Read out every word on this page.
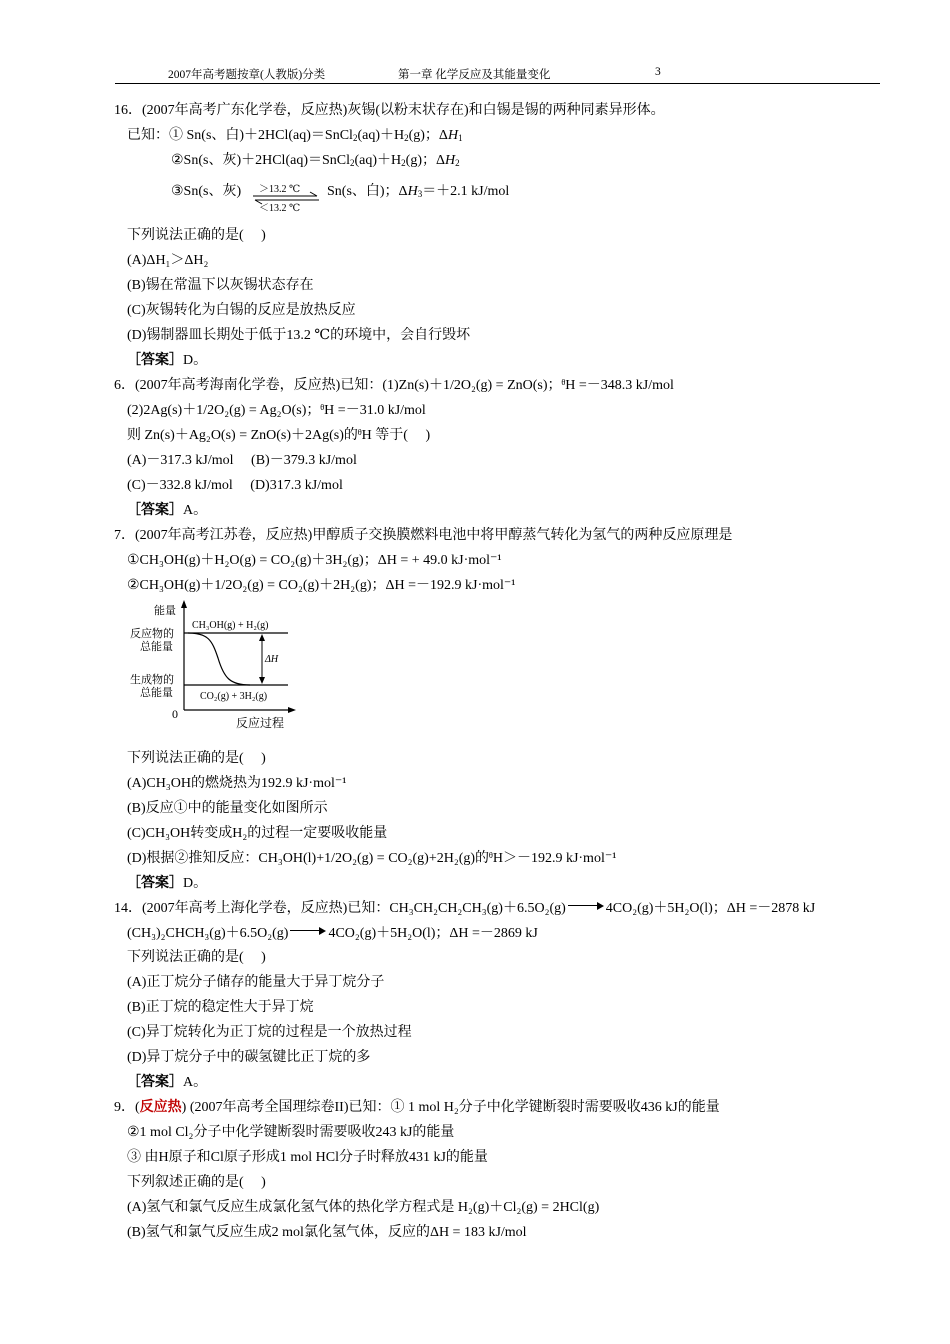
2007年高考题按章(人教版)分类	第一章 化学反应及其能量变化	3
16．(2007年高考广东化学卷，反应热)灰锡(以粉末状存在)和白锡是锡的两种同素异形体。
已知：① Sn(s、白)$+2HCl(aq)=SnCl_2(aq)+H_2(g)$；$\Delta H_1$
②Sn(s、灰)$+2HCl(aq)=SnCl_2(aq)+H_2(g)$；$\Delta H_2$
③Sn(s、灰) ＞13.2 ℃
＜13.2 ℃
Sn(s、白)；$\Delta H_3=+2.1$ kJ/mol
下列说法正确的是(　 )
(A)ΔH₁＞ΔH₂
(B)锡在常温下以灰锡状态存在
(C)灰锡转化为白锡的反应是放热反应
(D)锡制器皿长期处于低于13.2 ℃的环境中，会自行毁坏
［答案］D。
6．(2007年高考海南化学卷，反应热)已知：(1)Zn(s)＋1/2O₂(g) = ZnO(s)；ᶿH =－348.3 kJ/mol
(2)2Ag(s)＋1/2O₂(g) = Ag₂O(s)；ᶿH =－31.0 kJ/mol
则 Zn(s)＋Ag₂O(s) = ZnO(s)＋2Ag(s)的ᶿH 等于(　 )
(A)－317.3 kJ/mol　 (B)－379.3 kJ/mol
(C)－332.8 kJ/mol　 (D)317.3 kJ/mol
［答案］A。
7．(2007年高考江苏卷，反应热)甲醇质子交换膜燃料电池中将甲醇蒸气转化为氢气的两种反应原理是
①CH₃OH(g)＋H₂O(g) = CO₂(g)＋3H₂(g)；ΔH = + 49.0 kJ·mol⁻¹
②CH₃OH(g)＋1/2O₂(g) = CO₂(g)＋2H₂(g)；ΔH =－192.9 kJ·mol⁻¹
ΔH
能量
反应物的
总能量
生成物的
总能量
0
反应过程
CH₃OH(g) + H₂(g)
CO₂(g) + 3H₂(g)
下列说法正确的是(　 )
(A)CH₃OH的燃烧热为192.9 kJ·mol⁻¹
(B)反应①中的能量变化如图所示
(C)CH₃OH转变成H₂的过程一定要吸收能量
(D)根据②推知反应：CH₃OH(l)+1/2O₂(g) = CO₂(g)+2H₂(g)的ᶿH＞－192.9 kJ·mol⁻¹
［答案］D。
14．(2007年高考上海化学卷，反应热)已知：CH₃CH₂CH₂CH₃(g)＋6.5O₂(g)	4CO₂(g)＋5H₂O(l)；ΔH =－2878 kJ
(CH₃)₂CHCH₃(g)＋6.5O₂(g)	4CO₂(g)＋5H₂O(l)；ΔH =－2869 kJ
下列说法正确的是(　 )
(A)正丁烷分子储存的能量大于异丁烷分子
(B)正丁烷的稳定性大于异丁烷
(C)异丁烷转化为正丁烷的过程是一个放热过程
(D)异丁烷分子中的碳氢键比正丁烷的多
［答案］A。
9．(反应热) (2007年高考全国理综卷II)已知：① 1 mol H₂分子中化学键断裂时需要吸收436 kJ的能量
②1 mol Cl₂分子中化学键断裂时需要吸收243 kJ的能量
③ 由H原子和Cl原子形成1 mol HCl分子时释放431 kJ的能量
下列叙述正确的是(　 )
(A)氢气和氯气反应生成氯化氢气体的热化学方程式是 H₂(g)＋Cl₂(g) = 2HCl(g)
(B)氢气和氯气反应生成2 mol氯化氢气体，反应的ΔH = 183 kJ/mol
